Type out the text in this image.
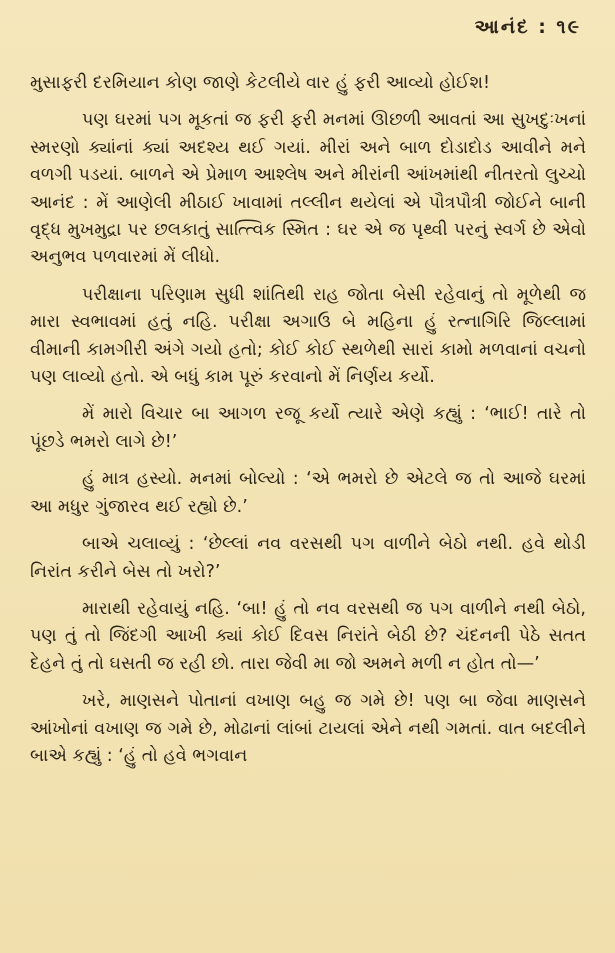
આનંદ : ૧૯

મુસાફરી દરમિયાન કોણ જાણે કેટલીયે વાર હું ફરી આવ્યો હોઈશ!

પણ ઘરમાં પગ મૂકતાં જ ફરી ફરી મનમાં ઊછળી આવતાં આ સુખદુઃખનાં સ્મરણો ક્યાંનાં ક્યાં અદશ્ય થઈ ગયાં. મીરાં અને બાળ દોડાદોડ આવીને મને વળગી પડયાં. બાળને એ પ્રેમાળ આશ્લેષ અને મીરાંની આંખમાંથી નીતરતો લુચ્ચો આનંદ : મેં આણેલી મીઠાઈ ખાવામાં તલ્લીન થયેલાં એ પૌત્રપૌત્રી જોઈને બાની વૃદ્ધ મુખમુદ્રા પર છલકાતું સાત્ત્વિક સ્મિત : ઘર એ જ પૃથ્વી પરનું સ્વર્ગ છે એવો અનુભવ પળવારમાં મેં લીધો.

પરીક્ષાના પરિણામ સુધી શાંતિથી રાહ જોતા બેસી રહેવાનું તો મૂળેથી જ મારા સ્વભાવમાં હતું નહિ. પરીક્ષા અગાઉ બે મહિના હું રત્નાગિરિ જિલ્લામાં વીમાની કામગીરી અંગે ગયો હતો; કોઈ કોઈ સ્થળેથી સારાં કામો મળવાનાં વચનો પણ લાવ્યો હતો. એ બધું કામ પૂરું કરવાનો મેં નિર્ણય કર્યો.

મેં મારો વિચાર બા આગળ રજૂ કર્યો ત્યારે એણે કહ્યું : ‘ભાઈ! તારે તો પૂંછડે ભમરો લાગે છે!’

હું માત્ર હસ્યો. મનમાં બોલ્યો : ‘એ ભમરો છે એટલે જ તો આજે ઘરમાં આ મધુર ગુંજારવ થઈ રહ્યો છે.’

બાએ ચલાવ્યું : ‘છેલ્લાં નવ વરસથી પગ વાળીને બેઠો નથી. હવે થોડી નિરાંત કરીને બેસ તો ખરો?’

મારાથી રહેવાયું નહિ. ‘બા! હું તો નવ વરસથી જ પગ વાળીને નથી બેઠો, પણ તું તો જિંદગી આખી ક્યાં કોઈ દિવસ નિરાંતે બેઠી છે? ચંદનની પેઠે સતત દેહને તું તો ઘસતી જ રહી છો. તારા જેવી મા જો અમને મળી ન હોત તો—’

ખરે, માણસને પોતાનાં વખાણ બહુ જ ગમે છે! પણ બા જેવા માણસને આંખોનાં વખાણ જ ગમે છે, મોઢાનાં લાંબાં ટાયલાં એને નથી ગમતાં. વાત બદલીને બાએ કહ્યું : ‘હું તો હવે ભગવાન
